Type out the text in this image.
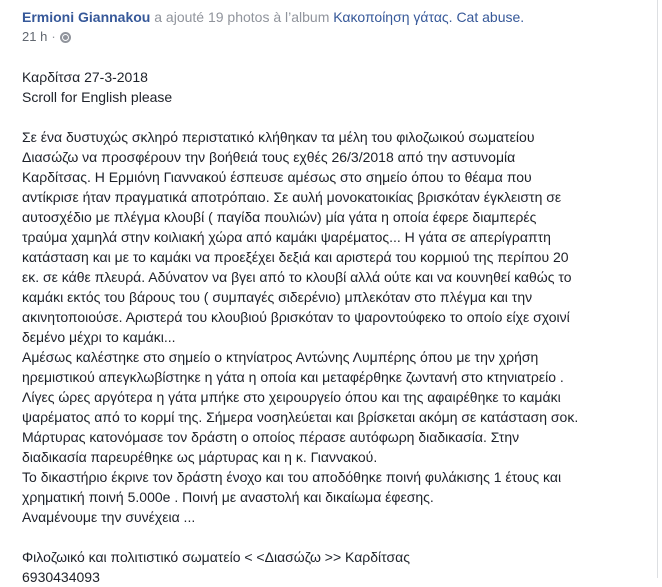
Ermioni Giannakou a ajouté 19 photos à l’album Κακοποίηση γάτας. Cat abuse.
21 h ·
Καρδίτσα 27-3-2018
Scroll for English please
Σε ένα δυστυχώς σκληρό περιστατικό κλήθηκαν τα μέλη του φιλοζωικού σωματείου
Διασώζω να προσφέρουν την βοήθειά τους εχθές 26/3/2018 από την αστυνομία
Καρδίτσας. Η Ερμιόνη Γιαννακού έσπευσε αμέσως στο σημείο όπου το θέαμα που
αντίκρισε ήταν πραγματικά αποτρόπαιο. Σε αυλή μονοκατοικίας βρισκόταν έγκλειστη σε
αυτοσχέδιο με πλέγμα κλουβί ( παγίδα πουλιών) μία γάτα η οποία έφερε διαμπερές
τραύμα χαμηλά στην κοιλιακή χώρα από καμάκι ψαρέματος... Η γάτα σε απερίγραπτη
κατάσταση και με το καμάκι να προεξέχει δεξιά και αριστερά του κορμιού της περίπου 20
εκ. σε κάθε πλευρά. Αδύνατον να βγει από το κλουβί αλλά ούτε και να κουνηθεί καθώς το
καμάκι εκτός του βάρους του ( συμπαγές σιδερένιο) μπλεκόταν στο πλέγμα και την
ακινητοποιούσε. Αριστερά του κλουβιού βρισκόταν το ψαροντούφεκο το οποίο είχε σχοινί
δεμένο μέχρι το καμάκι...
Αμέσως καλέστηκε στο σημείο ο κτηνίατρος Αντώνης Λυμπέρης όπου με την χρήση
ηρεμιστικού απεγκλωβίστηκε η γάτα η οποία και μεταφέρθηκε ζωντανή στο κτηνιατρείο .
Λίγες ώρες αργότερα η γάτα μπήκε στο χειρουργείο όπου και της αφαιρέθηκε το καμάκι
ψαρέματος από το κορμί της. Σήμερα νοσηλεύεται και βρίσκεται ακόμη σε κατάσταση σοκ.
Μάρτυρας κατονόμασε τον δράστη ο οποίος πέρασε αυτόφωρη διαδικασία. Στην
διαδικασία παρευρέθηκε ως μάρτυρας και η κ. Γιαννακού.
Το δικαστήριο έκρινε τον δράστη ένοχο και του αποδόθηκε ποινή φυλάκισης 1 έτους και
χρηματική ποινή 5.000e . Ποινή με αναστολή και δικαίωμα έφεσης.
Αναμένουμε την συνέχεια ...
Φιλοζωικό και πολιτιστικό σωματείο < <Διασώζω >> Καρδίτσας
6930434093
